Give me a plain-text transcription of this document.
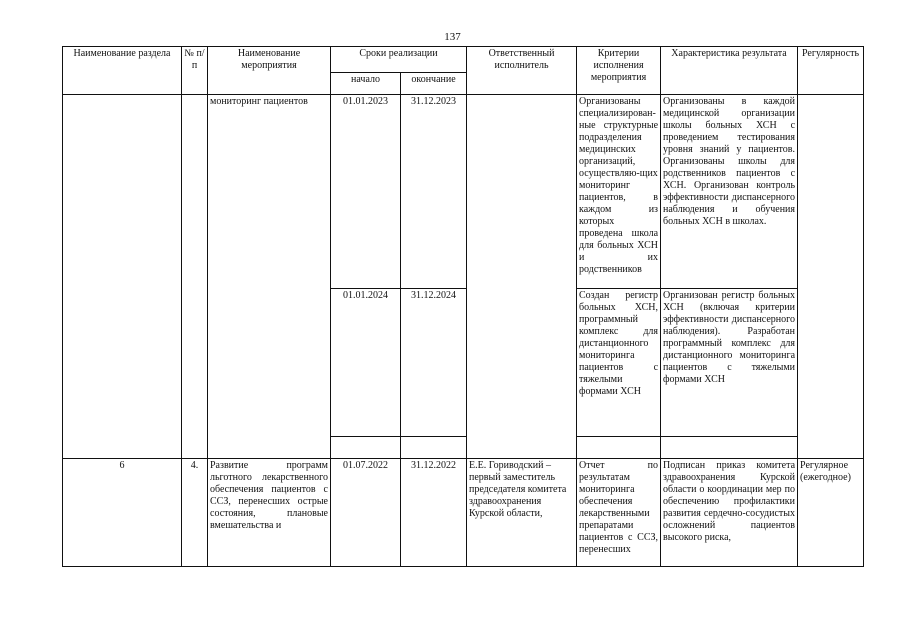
137
Наименование раздела	№ п/п	Наименование мероприятия	Сроки реализации		Ответственный исполнитель	Критерии исполнения мероприятия	Характеристика результата	Регулярность
			начало	окончание				
		мониторинг пациентов	01.01.2023	31.12.2023		Организованы специализирован-ные структурные подразделения медицинских организаций, осуществляю-щих мониторинг пациентов, в каждом из которых проведена школа для больных ХСН и их родственников	Организованы в каждой медицинской организации школы больных ХСН с проведением тестирования уровня знаний у пациентов. Организованы школы для родственников пациентов с ХСН. Организован контроль эффективности диспансерного наблюдения и обучения больных ХСН в школах.	
			01.01.2024	31.12.2024		Создан регистр больных ХСН, программный комплекс для дистанционного мониторинга пациентов с тяжелыми формами ХСН	Организован регистр больных ХСН (включая критерии эффективности диспансерного наблюдения). Разработан программный комплекс для дистанционного мониторинга пациентов с тяжелыми формами ХСН	

6	4.	Развитие программ льготного лекарственного обеспечения пациентов с ССЗ, перенесших острые состояния, плановые вмешательства и	01.07.2022	31.12.2022	Е.Е. Гориводский – первый заместитель председателя комитета здравоохранения Курской области,	Отчет по результатам мониторинга обеспечения лекарственными препаратами пациентов с ССЗ, перенесших	Подписан приказ комитета здравоохранения Курской области о координации мер по обеспечению профилактики развития сердечно-сосудистых осложнений пациентов высокого риска,	Регулярное (ежегодное)
